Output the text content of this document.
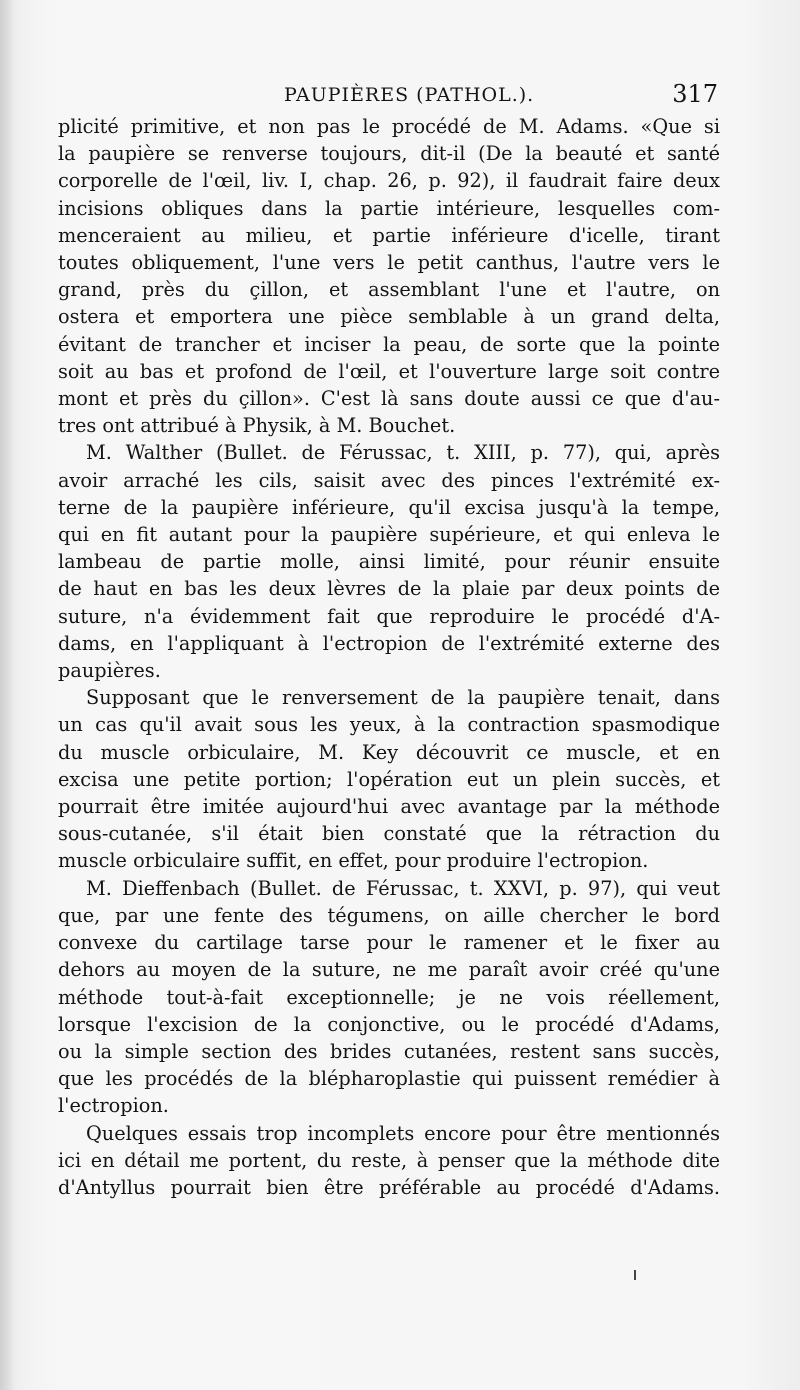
PAUPIÈRES (PATHOL.).	317

plicité primitive, et non pas le procédé de M. Adams. «Que si
la paupière se renverse toujours, dit-il (De la beauté et santé
corporelle de l'œil, liv. I, chap. 26, p. 92), il faudrait faire deux
incisions obliques dans la partie intérieure, lesquelles com-
menceraient au milieu, et partie inférieure d'icelle, tirant
toutes obliquement, l'une vers le petit canthus, l'autre vers le
grand, près du çillon, et assemblant l'une et l'autre, on
ostera et emportera une pièce semblable à un grand delta,
évitant de trancher et inciser la peau, de sorte que la pointe
soit au bas et profond de l'œil, et l'ouverture large soit contre
mont et près du çillon». C'est là sans doute aussi ce que d'au-
tres ont attribué à Physik, à M. Bouchet.

M. Walther (Bullet. de Férussac, t. XIII, p. 77), qui, après
avoir arraché les cils, saisit avec des pinces l'extrémité ex-
terne de la paupière inférieure, qu'il excisa jusqu'à la tempe,
qui en fit autant pour la paupière supérieure, et qui enleva le
lambeau de partie molle, ainsi limité, pour réunir ensuite
de haut en bas les deux lèvres de la plaie par deux points de
suture, n'a évidemment fait que reproduire le procédé d'A-
dams, en l'appliquant à l'ectropion de l'extrémité externe des
paupières.

Supposant que le renversement de la paupière tenait, dans
un cas qu'il avait sous les yeux, à la contraction spasmodique
du muscle orbiculaire, M. Key découvrit ce muscle, et en
excisa une petite portion; l'opération eut un plein succès, et
pourrait être imitée aujourd'hui avec avantage par la méthode
sous-cutanée, s'il était bien constaté que la rétraction du
muscle orbiculaire suffit, en effet, pour produire l'ectropion.

M. Dieffenbach (Bullet. de Férussac, t. XXVI, p. 97), qui veut
que, par une fente des tégumens, on aille chercher le bord
convexe du cartilage tarse pour le ramener et le fixer au
dehors au moyen de la suture, ne me paraît avoir créé qu'une
méthode tout-à-fait exceptionnelle; je ne vois réellement,
lorsque l'excision de la conjonctive, ou le procédé d'Adams,
ou la simple section des brides cutanées, restent sans succès,
que les procédés de la blépharoplastie qui puissent remédier à
l'ectropion.

Quelques essais trop incomplets encore pour être mentionnés
ici en détail me portent, du reste, à penser que la méthode dite
d'Antyllus pourrait bien être préférable au procédé d'Adams.
